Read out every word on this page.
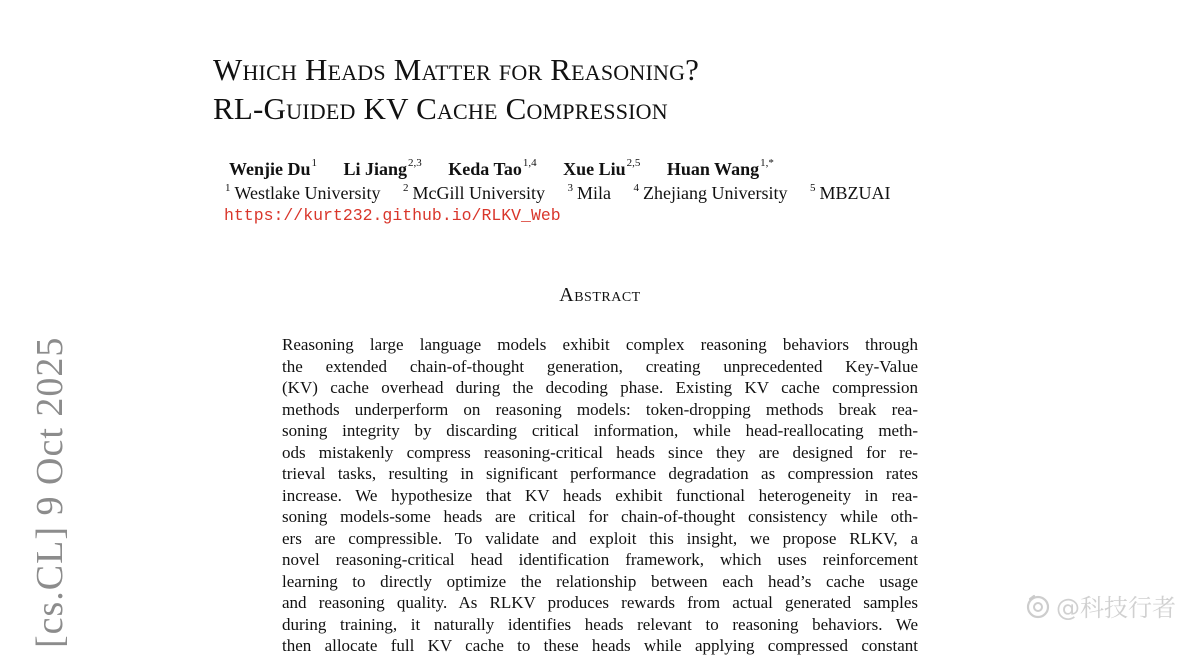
Which Heads Matter for Reasoning?
RL-Guided KV Cache Compression
Wenjie Du$^1$ Li Jiang$^{2,3}$ Keda Tao$^{1,4}$ Xue Liu$^{2,5}$ Huan Wang$^{1,*}$
$^1$ Westlake University $^2$ McGill University $^3$ Mila $^4$ Zhejiang University $^5$ MBZUAI
https://kurt232.github.io/RLKV_Web
Abstract
Reasoning large language models exhibit complex reasoning behaviors through
the extended chain-of-thought generation, creating unprecedented Key-Value
(KV) cache overhead during the decoding phase. Existing KV cache compression
methods underperform on reasoning models: token-dropping methods break rea-
soning integrity by discarding critical information, while head-reallocating meth-
ods mistakenly compress reasoning-critical heads since they are designed for re-
trieval tasks, resulting in significant performance degradation as compression rates
increase. We hypothesize that KV heads exhibit functional heterogeneity in rea-
soning models-some heads are critical for chain-of-thought consistency while oth-
ers are compressible. To validate and exploit this insight, we propose RLKV, a
novel reasoning-critical head identification framework, which uses reinforcement
learning to directly optimize the relationship between each head’s cache usage
and reasoning quality. As RLKV produces rewards from actual generated samples
during training, it naturally identifies heads relevant to reasoning behaviors. We
then allocate full KV cache to these heads while applying compressed constant
[cs.CL] 9 Oct 2025	@科技行者
